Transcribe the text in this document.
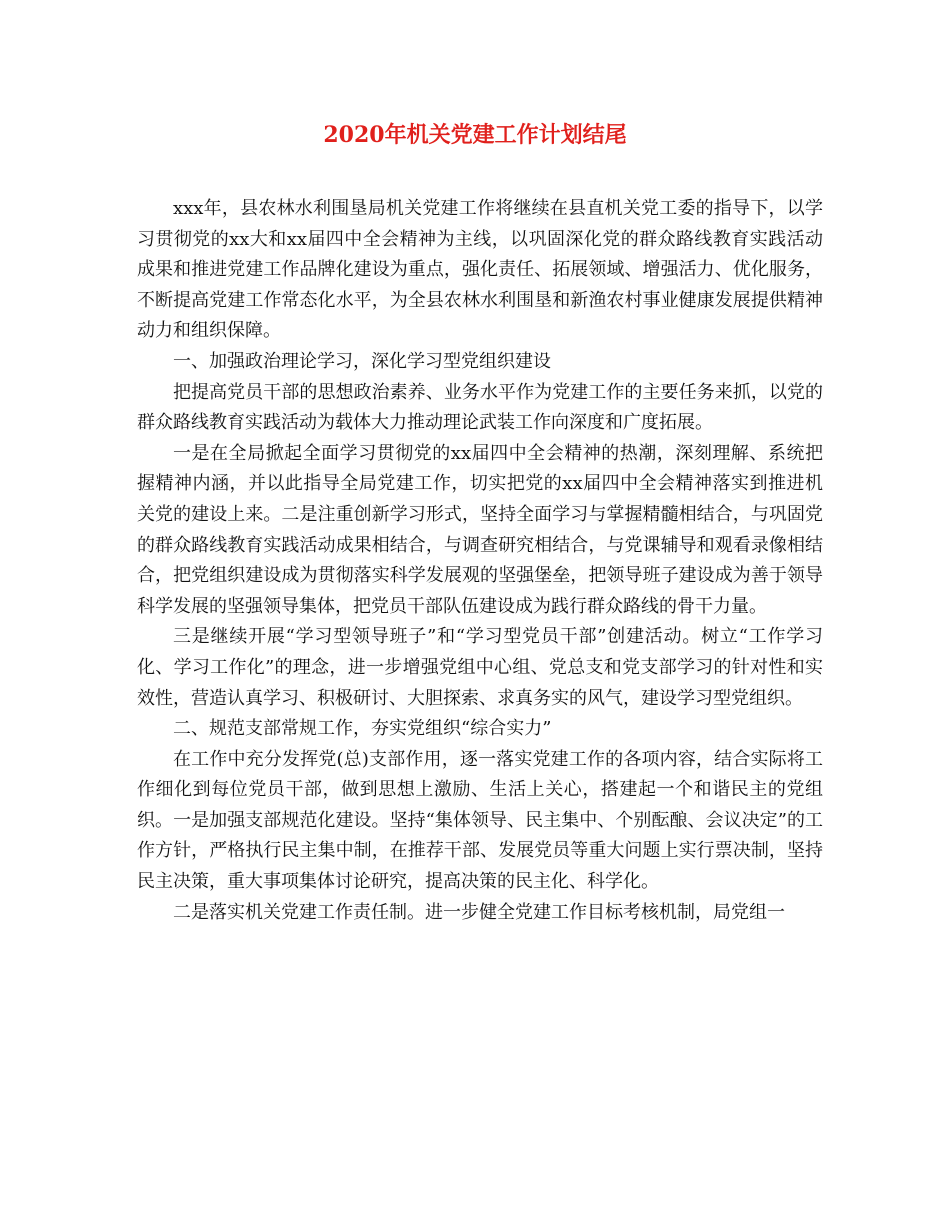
2020年机关党建工作计划结尾

xxx年，县农林水利围垦局机关党建工作将继续在县直机关党工委的指导下，以学习贯彻党的xx大和xx届四中全会精神为主线，以巩固深化党的群众路线教育实践活动成果和推进党建工作品牌化建设为重点，强化责任、拓展领域、增强活力、优化服务，不断提高党建工作常态化水平，为全县农林水利围垦和新渔农村事业健康发展提供精神动力和组织保障。

一、加强政治理论学习，深化学习型党组织建设

把提高党员干部的思想政治素养、业务水平作为党建工作的主要任务来抓，以党的群众路线教育实践活动为载体大力推动理论武装工作向深度和广度拓展。

一是在全局掀起全面学习贯彻党的xx届四中全会精神的热潮，深刻理解、系统把握精神内涵，并以此指导全局党建工作，切实把党的xx届四中全会精神落实到推进机关党的建设上来。二是注重创新学习形式，坚持全面学习与掌握精髓相结合，与巩固党的群众路线教育实践活动成果相结合，与调查研究相结合，与党课辅导和观看录像相结合，把党组织建设成为贯彻落实科学发展观的坚强堡垒，把领导班子建设成为善于领导科学发展的坚强领导集体，把党员干部队伍建设成为践行群众路线的骨干力量。

三是继续开展“学习型领导班子”和“学习型党员干部”创建活动。树立“工作学习化、学习工作化”的理念，进一步增强党组中心组、党总支和党支部学习的针对性和实效性，营造认真学习、积极研讨、大胆探索、求真务实的风气，建设学习型党组织。

二、规范支部常规工作，夯实党组织“综合实力”

在工作中充分发挥党(总)支部作用，逐一落实党建工作的各项内容，结合实际将工作细化到每位党员干部，做到思想上激励、生活上关心，搭建起一个和谐民主的党组织。一是加强支部规范化建设。坚持“集体领导、民主集中、个别酝酿、会议决定”的工作方针，严格执行民主集中制，在推荐干部、发展党员等重大问题上实行票决制，坚持民主决策，重大事项集体讨论研究，提高决策的民主化、科学化。

二是落实机关党建工作责任制。进一步健全党建工作目标考核机制，局党组一
